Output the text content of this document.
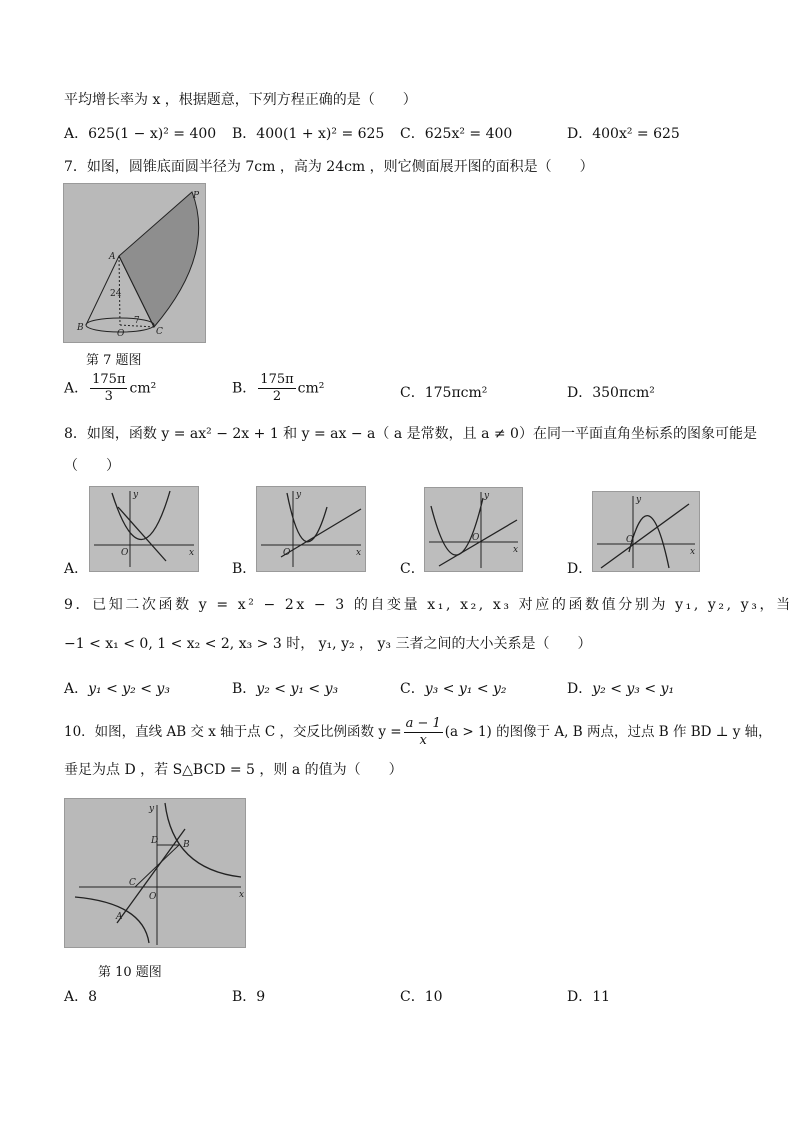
平均增长率为 x ，根据题意，下列方程正确的是（　　）
A．625(1 − x)² = 400 B．400(1 + x)² = 625 C．625x² = 400	D．400x² = 625
7．如图，圆锥底面圆半径为 7cm ，高为 24cm ，则它侧面展开图的面积是（　　）
P
A
24
B
O
7
C
第 7 题图
A． $\frac{175\pi}{3} cm^2$	B． $\frac{175\pi}{2} cm^2$	C．175πcm²	D．350πcm²
8．如图，函数 y = ax² − 2x + 1 和 y = ax − a（ a 是常数，且 a ≠ 0）在同一平面直角坐标系的图象可能是
（　　）
x
y
O
A．
x
y
O
B．
x
y
O
C．
x
y
O
D．
9．已知二次函数 y = x² − 2x − 3 的自变量 x₁, x₂, x₃ 对应的函数值分别为 y₁, y₂, y₃，当
−1 < x₁ < 0, 1 < x₂ < 2, x₃ > 3 时， y₁, y₂ ， y₃ 三者之间的大小关系是（　　）
A．y₁ < y₂ < y₃	B．y₂ < y₁ < y₃	C．y₃ < y₁ < y₂	D．y₂ < y₃ < y₁
10．如图，直线 AB 交 x 轴于点 C ，交反比例函数 $y = \frac{a - 1}{x} (a > 1)$ 的图像于 A, B 两点，过点 B 作 BD ⊥ y 轴，
垂足为点 D ，若 S△BCD = 5 ，则 a 的值为（　　）
x
y
O
D	B
C
A
第 10 题图
A．8	B．9	C．10	D．11
